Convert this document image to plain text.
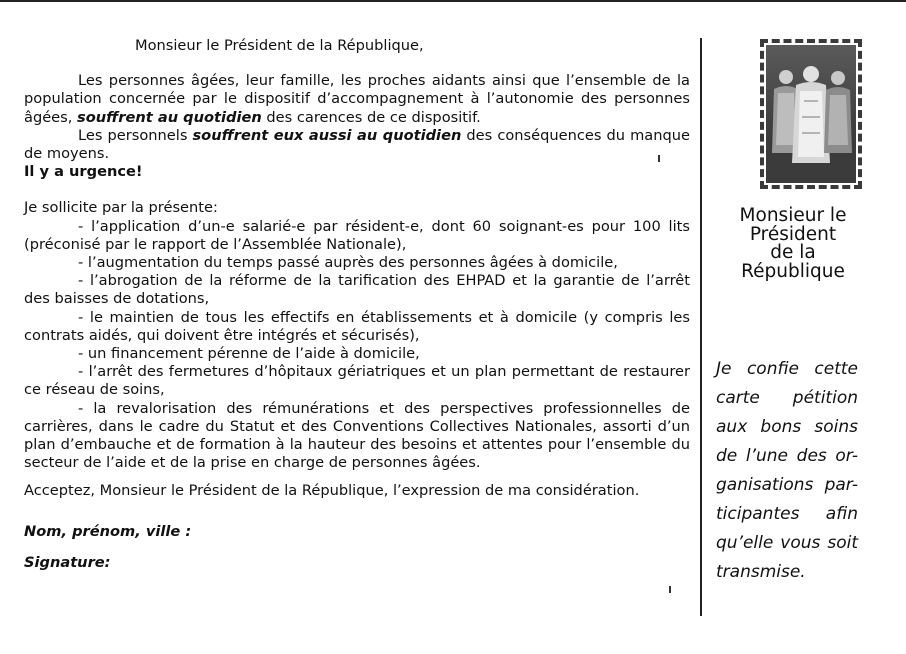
Monsieur le Président de la République,

Les personnes âgées, leur famille, les proches aidants ainsi que l’ensemble de la population concernée par le dispositif d’accompagnement à l’autonomie des personnes âgées, souffrent au quotidien des carences de ce dispositif.

Les personnels souffrent eux aussi au quotidien des conséquences du manque de moyens.

Il y a urgence!

Je sollicite par la présente:

- l’application d’un-e salarié-e par résident-e, dont 60 soignant-es pour 100 lits (préconisé par le rapport de l’Assemblée Nationale),

- l’augmentation du temps passé auprès des personnes âgées à domicile,

- l’abrogation de la réforme de la tarification des EHPAD et la garantie de l’arrêt des baisses de dotations,

- le maintien de tous les effectifs en établissements et à domicile (y compris les contrats aidés, qui doivent être intégrés et sécurisés),

- un financement pérenne de l’aide à domicile,

- l’arrêt des fermetures d’hôpitaux gériatriques et un plan permettant de restaurer ce réseau de soins,

- la revalorisation des rémunérations et des perspectives professionnelles de carrières, dans le cadre du Statut et des Conventions Collectives Nationales, assorti d’un plan d’embauche et de formation à la hauteur des besoins et attentes pour l’ensemble du secteur de l’aide et de la prise en charge de personnes âgées.

Acceptez, Monsieur le Président de la République, l’expression de ma considération.

Nom, prénom, ville :

Signature:

Monsieur le
Président
de la
République
Je confie cette
carte pétition
aux bons soins
de l’une des or-
ganisations par-
ticipantes afin
qu’elle vous soit
transmise.
